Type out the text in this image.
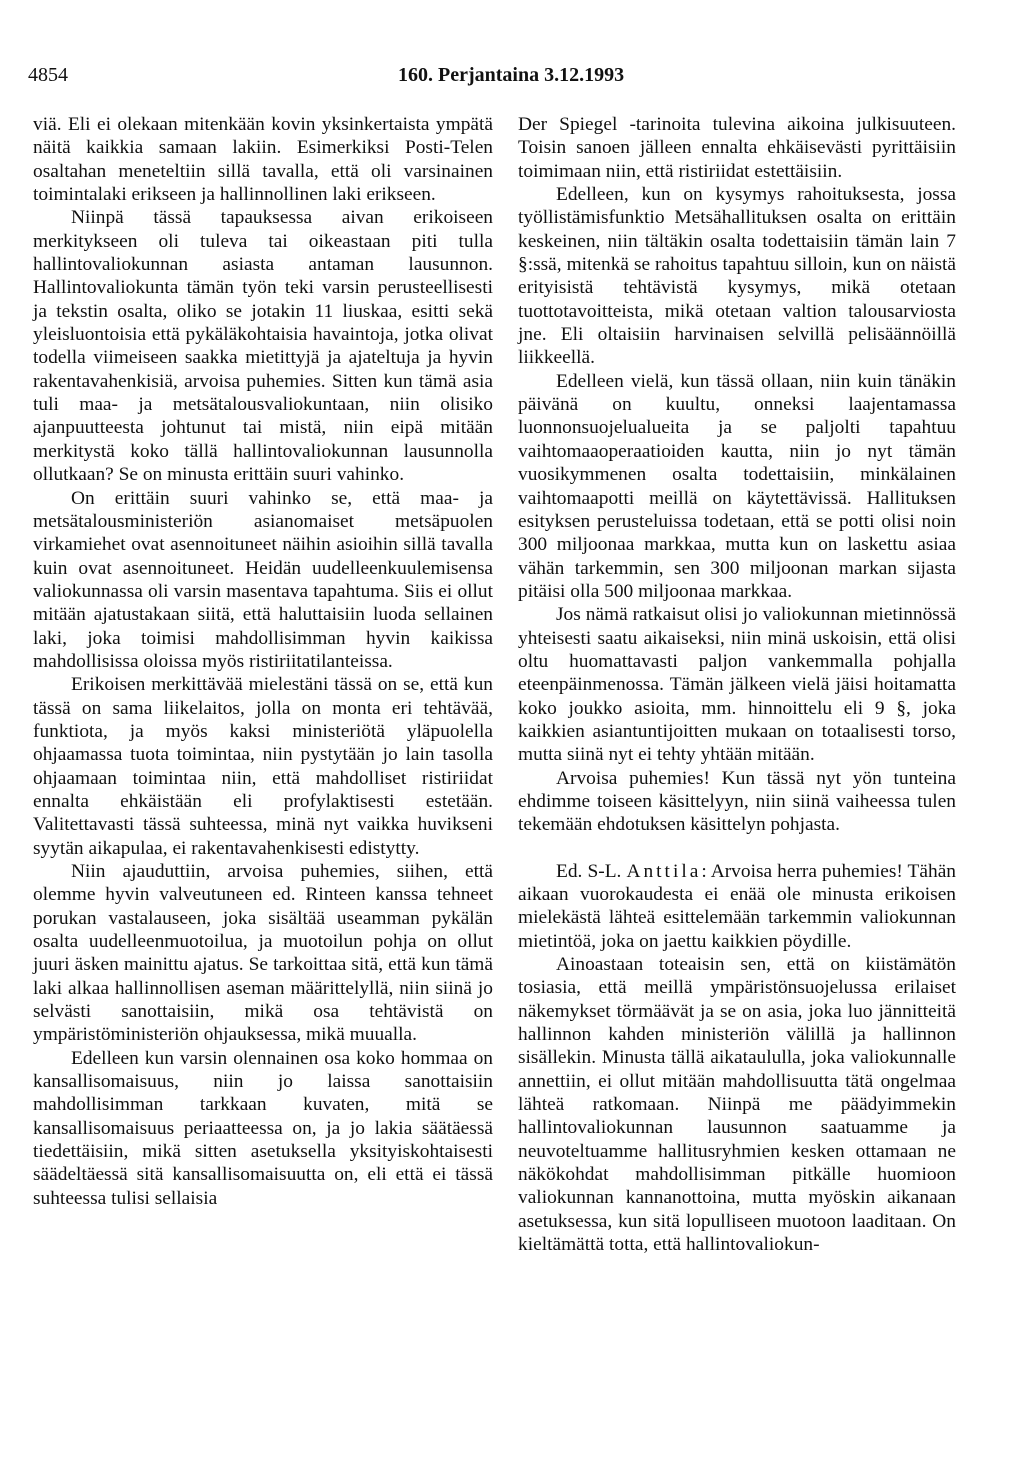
4854	160. Perjantaina 3.12.1993

viä. Eli ei olekaan mitenkään kovin yksinkertaista ympätä näitä kaikkia samaan lakiin. Esimerkiksi Posti-Telen osaltahan meneteltiin sillä tavalla, että oli varsinainen toimintalaki erikseen ja hallinnollinen laki erikseen.

Niinpä tässä tapauksessa aivan erikoiseen merkitykseen oli tuleva tai oikeastaan piti tulla hallintovaliokunnan asiasta antaman lausunnon. Hallintovaliokunta tämän työn teki varsin perusteellisesti ja tekstin osalta, oliko se jotakin 11 liuskaa, esitti sekä yleisluontoisia että pykäläkohtaisia havaintoja, jotka olivat todella viimeiseen saakka mietittyjä ja ajateltuja ja hyvin rakentavahenkisiä, arvoisa puhemies. Sitten kun tämä asia tuli maa- ja metsätalousvaliokuntaan, niin olisiko ajanpuutteesta johtunut tai mistä, niin eipä mitään merkitystä koko tällä hallintovaliokunnan lausunnolla ollutkaan? Se on minusta erittäin suuri vahinko.

On erittäin suuri vahinko se, että maa- ja metsätalousministeriön asianomaiset metsäpuolen virkamiehet ovat asennoituneet näihin asioihin sillä tavalla kuin ovat asennoituneet. Heidän uudelleenkuulemisensa valiokunnassa oli varsin masentava tapahtuma. Siis ei ollut mitään ajatustakaan siitä, että haluttaisiin luoda sellainen laki, joka toimisi mahdollisimman hyvin kaikissa mahdollisissa oloissa myös ristiriitatilanteissa.

Erikoisen merkittävää mielestäni tässä on se, että kun tässä on sama liikelaitos, jolla on monta eri tehtävää, funktiota, ja myös kaksi ministeriötä yläpuolella ohjaamassa tuota toimintaa, niin pystytään jo lain tasolla ohjaamaan toimintaa niin, että mahdolliset ristiriidat ennalta ehkäistään eli profylaktisesti estetään. Valitettavasti tässä suhteessa, minä nyt vaikka huvikseni syytän aikapulaa, ei rakentavahenkisesti edistytty.

Niin ajauduttiin, arvoisa puhemies, siihen, että olemme hyvin valveutuneen ed. Rinteen kanssa tehneet porukan vastalauseen, joka sisältää useamman pykälän osalta uudelleenmuotoilua, ja muotoilun pohja on ollut juuri äsken mainittu ajatus. Se tarkoittaa sitä, että kun tämä laki alkaa hallinnollisen aseman määrittelyllä, niin siinä jo selvästi sanottaisiin, mikä osa tehtävistä on ympäristöministeriön ohjauksessa, mikä muualla.

Edelleen kun varsin olennainen osa koko hommaa on kansallisomaisuus, niin jo laissa sanottaisiin mahdollisimman tarkkaan kuvaten, mitä se kansallisomaisuus periaatteessa on, ja jo lakia säätäessä tiedettäisiin, mikä sitten asetuksella yksityiskohtaisesti säädeltäessä sitä kansallisomaisuutta on, eli että ei tässä suhteessa tulisi sellaisia

Der Spiegel -tarinoita tulevina aikoina julkisuuteen. Toisin sanoen jälleen ennalta ehkäisevästi pyrittäisiin toimimaan niin, että ristiriidat estettäisiin.

Edelleen, kun on kysymys rahoituksesta, jossa työllistämisfunktio Metsähallituksen osalta on erittäin keskeinen, niin tältäkin osalta todettaisiin tämän lain 7 §:ssä, mitenkä se rahoitus tapahtuu silloin, kun on näistä erityisistä tehtävistä kysymys, mikä otetaan tuottotavoitteista, mikä otetaan valtion talousarviosta jne. Eli oltaisiin harvinaisen selvillä pelisäännöillä liikkeellä.

Edelleen vielä, kun tässä ollaan, niin kuin tänäkin päivänä on kuultu, onneksi laajentamassa luonnonsuojelualueita ja se paljolti tapahtuu vaihtomaaoperaatioiden kautta, niin jo nyt tämän vuosikymmenen osalta todettaisiin, minkälainen vaihtomaapotti meillä on käytettävissä. Hallituksen esityksen perusteluissa todetaan, että se potti olisi noin 300 miljoonaa markkaa, mutta kun on laskettu asiaa vähän tarkemmin, sen 300 miljoonan markan sijasta pitäisi olla 500 miljoonaa markkaa.

Jos nämä ratkaisut olisi jo valiokunnan mietinnössä yhteisesti saatu aikaiseksi, niin minä uskoisin, että olisi oltu huomattavasti paljon vankemmalla pohjalla eteenpäinmenossa. Tämän jälkeen vielä jäisi hoitamatta koko joukko asioita, mm. hinnoittelu eli 9 §, joka kaikkien asiantuntijoitten mukaan on totaalisesti torso, mutta siinä nyt ei tehty yhtään mitään.

Arvoisa puhemies! Kun tässä nyt yön tunteina ehdimme toiseen käsittelyyn, niin siinä vaiheessa tulen tekemään ehdotuksen käsittelyn pohjasta.

Ed. S-L. Anttila: Arvoisa herra puhemies! Tähän aikaan vuorokaudesta ei enää ole minusta erikoisen mielekästä lähteä esittelemään tarkemmin valiokunnan mietintöä, joka on jaettu kaikkien pöydille.

Ainoastaan toteaisin sen, että on kiistämätön tosiasia, että meillä ympäristönsuojelussa erilaiset näkemykset törmäävät ja se on asia, joka luo jännitteitä hallinnon kahden ministeriön välillä ja hallinnon sisällekin. Minusta tällä aikataululla, joka valiokunnalle annettiin, ei ollut mitään mahdollisuutta tätä ongelmaa lähteä ratkomaan. Niinpä me päädyimmekin hallintovaliokunnan lausunnon saatuamme ja neuvoteltuamme hallitusryhmien kesken ottamaan ne näkökohdat mahdollisimman pitkälle huomioon valiokunnan kannanottoina, mutta myöskin aikanaan asetuksessa, kun sitä lopulliseen muotoon laaditaan. On kieltämättä totta, että hallintovaliokun-
